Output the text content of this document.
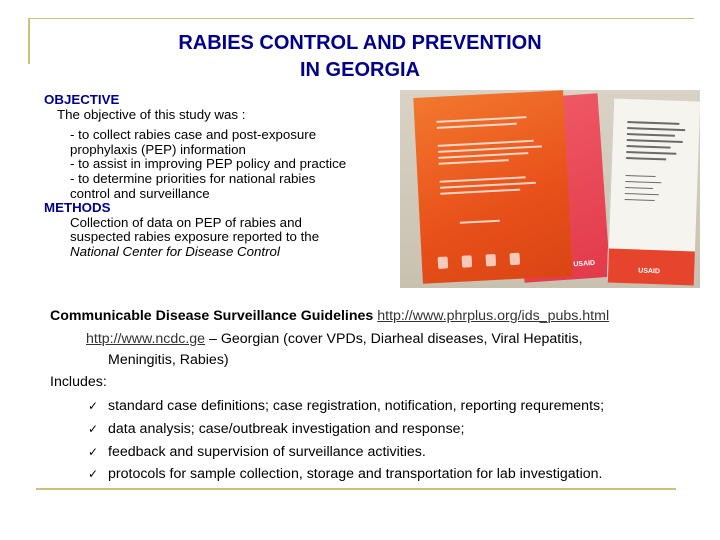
RABIES CONTROL AND PREVENTION
IN GEORGIA
OBJECTIVE
The objective of this study was :
- to collect rabies case and post-exposure
prophylaxis (PEP) information
- to assist in improving PEP policy and practice
- to determine priorities for national rabies
control and surveillance
METHODS
Collection of data on PEP of rabies and
suspected rabies exposure reported to the
National Center for Disease Control
USAID
USAID
Communicable Disease Surveillance Guidelines http://www.phrplus.org/ids_pubs.html
http://www.ncdc.ge – Georgian (cover VPDs, Diarheal diseases, Viral Hepatitis,
Meningitis, Rabies)
Includes:
✓ standard case definitions; case registration, notification, reporting requrements;
✓ data analysis; case/outbreak investigation and response;
✓ feedback and supervision of surveillance activities.
✓ protocols for sample collection, storage and transportation for lab investigation.
